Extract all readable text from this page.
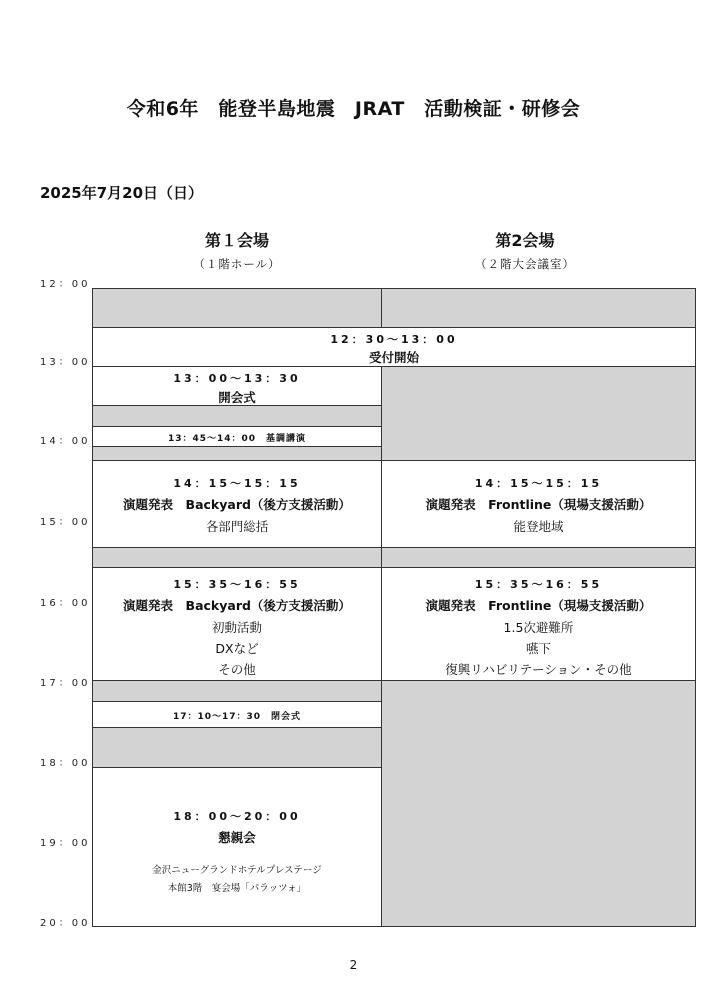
令和6年　能登半島地震　JRAT　活動検証・研修会
2025年7月20日（日）
第１会場
（１階ホール）
第2会場
（２階大会議室）
12：00
13：00
14：00
15：00
16：00
17：00
18：00
19：00
20：00
12：30～13：00
受付開始
13：00～13：30
開会式
13：45～14：00　基調講演
14：15～15：15
演題発表　Backyard（後方支援活動）
各部門総括
14：15～15：15
演題発表　Frontline（現場支援活動）
能登地域
15：35～16：55
演題発表　Backyard（後方支援活動）
初動活動
DXなど
その他
15：35～16：55
演題発表　Frontline（現場支援活動）
1.5次避難所
嚥下
復興リハビリテーション・その他
17：10～17：30　閉会式
18：00～20：00
懇親会
金沢ニューグランドホテルプレステージ
本館3階　宴会場「パラッツォ」
2
